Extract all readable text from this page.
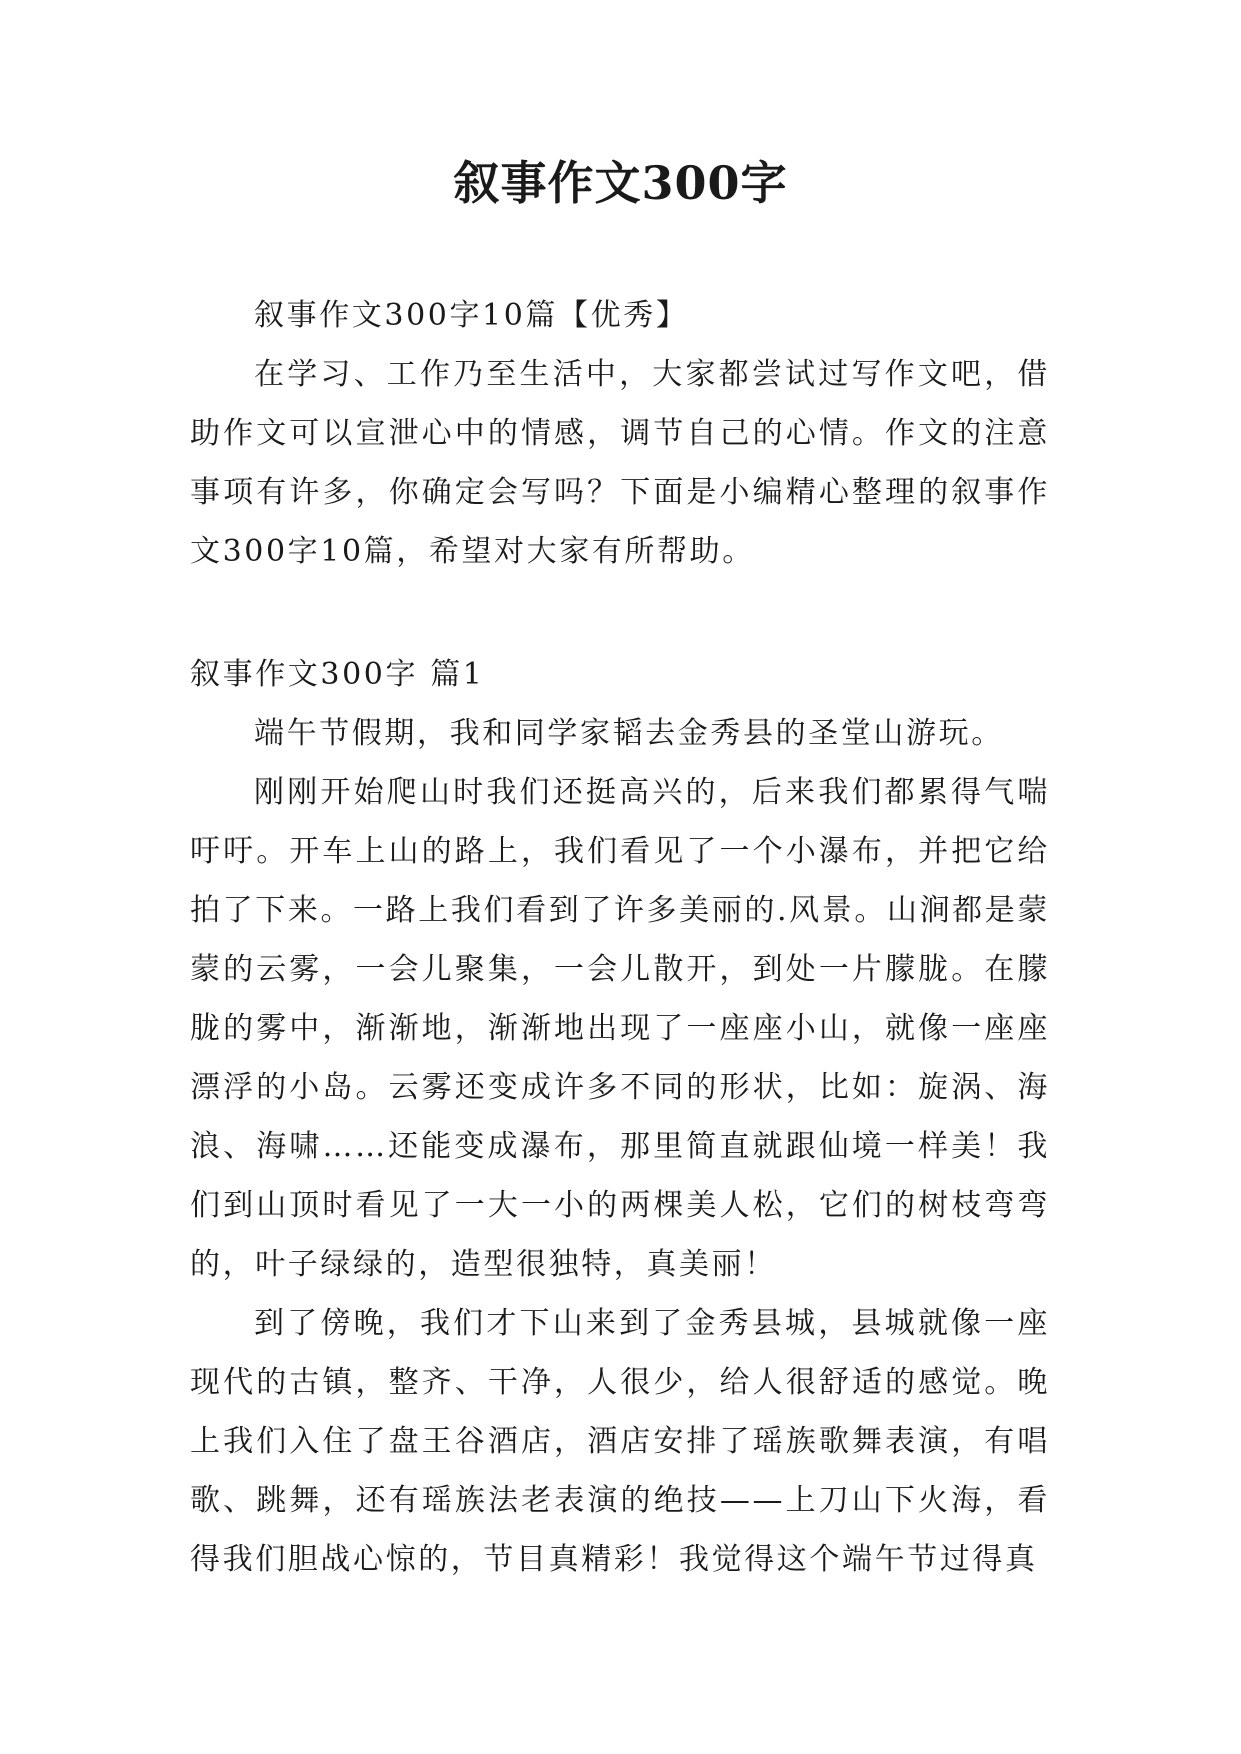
叙事作文300字

叙事作文300字10篇【优秀】

在学习、工作乃至生活中，大家都尝试过写作文吧，借助作文可以宣泄心中的情感，调节自己的心情。作文的注意事项有许多，你确定会写吗？下面是小编精心整理的叙事作文300字10篇，希望对大家有所帮助。

叙事作文300字 篇1

端午节假期，我和同学家韬去金秀县的圣堂山游玩。

刚刚开始爬山时我们还挺高兴的，后来我们都累得气喘吁吁。开车上山的路上，我们看见了一个小瀑布，并把它给拍了下来。一路上我们看到了许多美丽的.风景。山涧都是蒙蒙的云雾，一会儿聚集，一会儿散开，到处一片朦胧。在朦胧的雾中，渐渐地，渐渐地出现了一座座小山，就像一座座漂浮的小岛。云雾还变成许多不同的形状，比如：旋涡、海浪、海啸……还能变成瀑布，那里简直就跟仙境一样美！我们到山顶时看见了一大一小的两棵美人松，它们的树枝弯弯的，叶子绿绿的，造型很独特，真美丽！

到了傍晚，我们才下山来到了金秀县城，县城就像一座现代的古镇，整齐、干净，人很少，给人很舒适的感觉。晚上我们入住了盘王谷酒店，酒店安排了瑶族歌舞表演，有唱歌、跳舞，还有瑶族法老表演的绝技——上刀山下火海，看得我们胆战心惊的，节目真精彩！我觉得这个端午节过得真
